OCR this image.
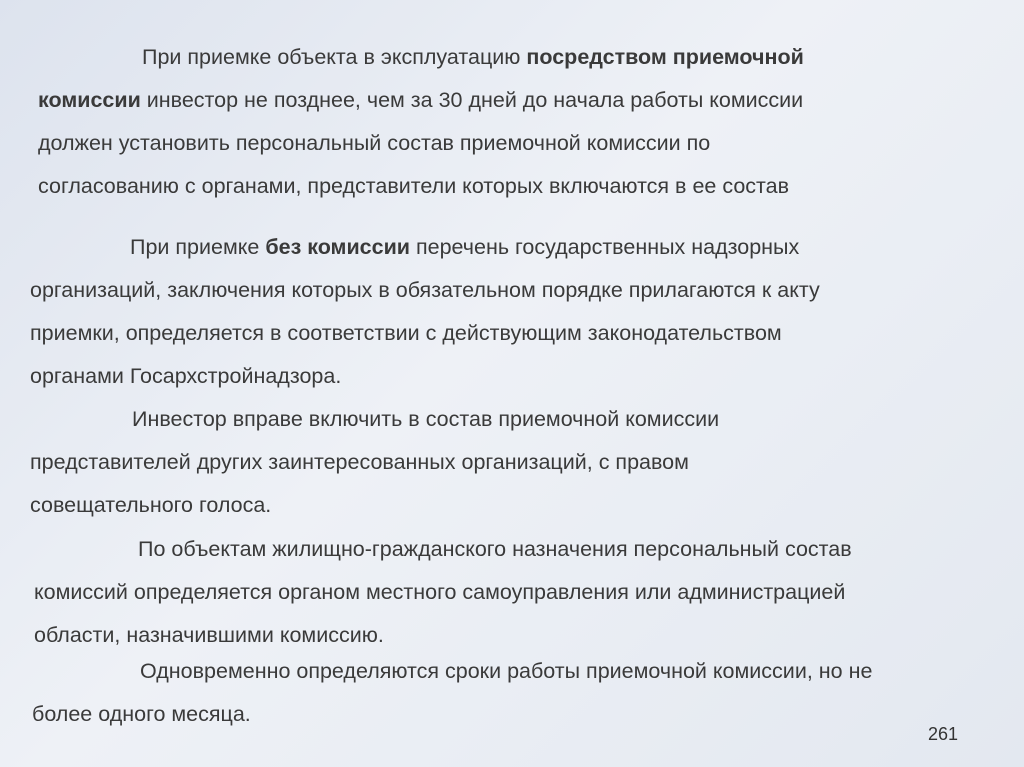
При приемке объекта в эксплуатацию посредством приемочной
комиссии инвестор не позднее, чем за 30 дней до начала работы комиссии
должен установить персональный состав приемочной комиссии по
согласованию с органами, представители которых включаются в ее состав
При приемке без комиссии перечень государственных надзорных
организаций, заключения которых в обязательном порядке прилагаются к акту
приемки, определяется в соответствии с действующим законодательством
органами Госархстройнадзора.
Инвестор вправе включить в состав приемочной комиссии
представителей других заинтересованных организаций, с правом
совещательного голоса.
По объектам жилищно-гражданского назначения персональный состав
комиссий определяется органом местного самоуправления или администрацией
области, назначившими комиссию.
Одновременно определяются сроки работы приемочной комиссии, но не
более одного месяца.
261
